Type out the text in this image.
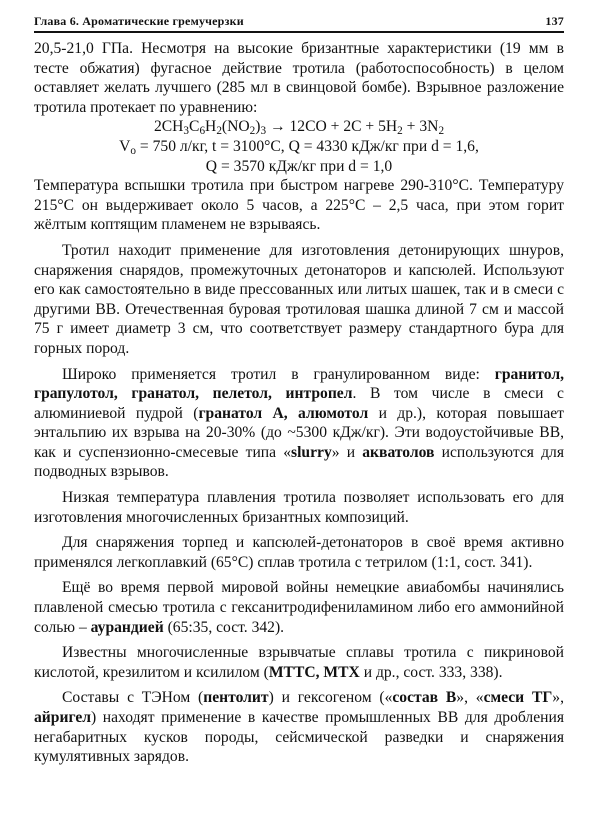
Глава 6. Ароматические гремучерзки	137

20,5-21,0 ГПа. Несмотря на высокие бризантные характеристики (19 мм в тесте обжатия) фугасное действие тротила (работоспособность) в целом оставляет желать лучшего (285 мл в свинцовой бомбе). Взрывное разложение тротила протекает по уравнению:

$2CH_3C_6H_2(NO_2)_3 \to 12CO + 2C + 5H_2 + 3N_2$

$V_o = 750$ л/кг, t = 3100°C, Q = 4330 кДж/кг при d = 1,6,

Q = 3570 кДж/кг при d = 1,0

Температура вспышки тротила при быстром нагреве 290-310°C. Температуру 215°C он выдерживает около 5 часов, а 225°C – 2,5 часа, при этом горит жёлтым коптящим пламенем не взрываясь.

Тротил находит применение для изготовления детонирующих шнуров, снаряжения снарядов, промежуточных детонаторов и капсюлей. Используют его как самостоятельно в виде прессованных или литых шашек, так и в смеси с другими ВВ. Отечественная буровая тротиловая шашка длиной 7 см и массой 75 г имеет диаметр 3 см, что соответствует размеру стандартного бура для горных пород.

Широко применяется тротил в гранулированном виде: гранитол, грапулотол, гранатол, пелетол, интропел. В том числе в смеси с алюминиевой пудрой (гранатол А, алюмотол и др.), которая повышает энтальпию их взрыва на 20-30% (до ~5300 кДж/кг). Эти водоустойчивые ВВ, как и суспензионно-смесевые типа «slurry» и акватолов используются для подводных взрывов.

Низкая температура плавления тротила позволяет использовать его для изготовления многочисленных бризантных композиций.

Для снаряжения торпед и капсюлей-детонаторов в своё время активно применялся легкоплавкий (65°C) сплав тротила с тетрилом (1:1, сост. 341).

Ещё во время первой мировой войны немецкие авиабомбы начинялись плавленой смесью тротила с гексанитродифениламином либо его аммонийной солью – аурандией (65:35, сост. 342).

Известны многочисленные взрывчатые сплавы тротила с пикриновой кислотой, крезилитом и ксилилом (МТТС, МТХ и др., сост. 333, 338).

Составы с ТЭНом (пентолит) и гексогеном («состав В», «смеси ТГ», айригел) находят применение в качестве промышленных ВВ для дробления негабаритных кусков породы, сейсмической разведки и снаряжения кумулятивных зарядов.
